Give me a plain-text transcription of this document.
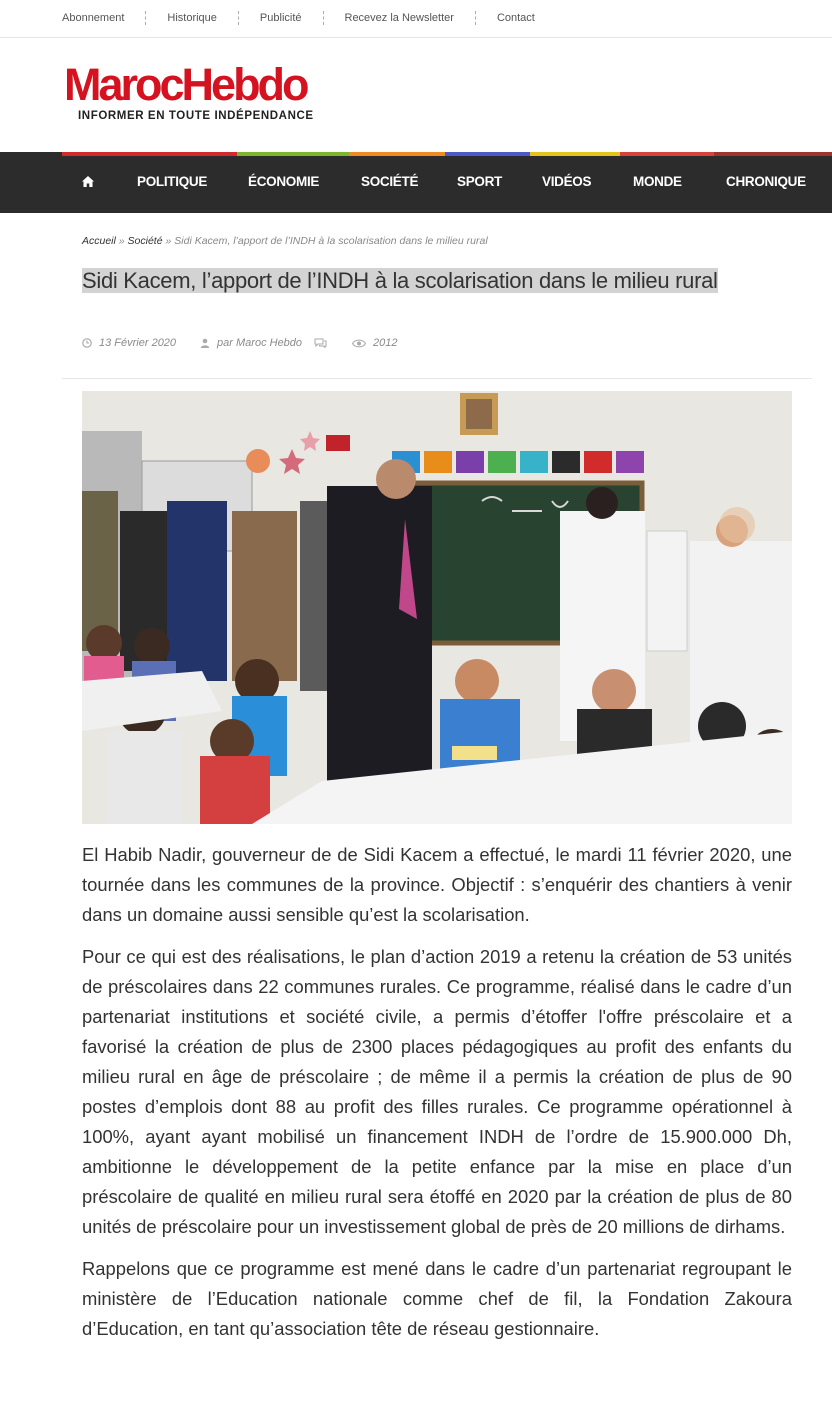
Abonnement	Historique	Publicité	Recevez la Newsletter	Contact
MarocHebdo
INFORMER EN TOUTE INDÉPENDANCE
POLITIQUE	ÉCONOMIE	SOCIÉTÉ	SPORT	VIDÉOS	MONDE	CHRONIQUE
Accueil » Société » Sidi Kacem, l’apport de l’INDH à la scolarisation dans le milieu rural
Sidi Kacem, l’apport de l’INDH à la scolarisation dans le milieu rural
13 Février 2020	par Maroc Hebdo	2012

El Habib Nadir, gouverneur de de Sidi Kacem a effectué, le mardi 11 février 2020, une tournée dans les communes de la province. Objectif : s’enquérir des chantiers à venir dans un domaine aussi sensible qu’est la scolarisation.

Pour ce qui est des réalisations, le plan d’action 2019 a retenu la création de 53 unités de préscolaires dans 22 communes rurales. Ce programme, réalisé dans le cadre d’un partenariat institutions et société civile, a permis d’étoffer l'offre préscolaire et a favorisé la création de plus de 2300 places pédagogiques au profit des enfants du milieu rural en âge de préscolaire ; de même il a permis la création de plus de 90 postes d’emplois dont 88 au profit des filles rurales. Ce programme opérationnel à 100%, ayant ayant mobilisé un financement INDH de l’ordre de 15.900.000 Dh, ambitionne le développement de la petite enfance par la mise en place d’un préscolaire de qualité en milieu rural sera étoffé en 2020 par la création de plus de 80 unités de préscolaire pour un investissement global de près de 20 millions de dirhams.

Rappelons que ce programme est mené dans le cadre d’un partenariat regroupant le ministère de l’Education nationale comme chef de fil, la Fondation Zakoura d’Education, en tant qu’association tête de réseau gestionnaire.
